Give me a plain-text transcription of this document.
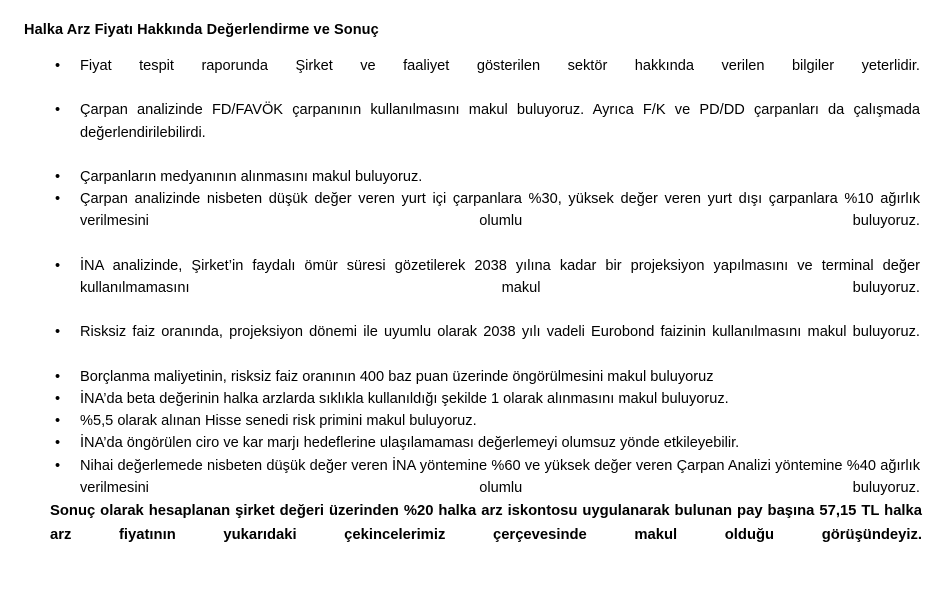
Halka Arz Fiyatı Hakkında Değerlendirme ve Sonuç
•	Fiyat tespit raporunda Şirket ve faaliyet gösterilen sektör hakkında verilen bilgiler yeterlidir.
•	Çarpan analizinde FD/FAVÖK çarpanının kullanılmasını makul buluyoruz. Ayrıca F/K ve PD/DD çarpanları da çalışmada değerlendirilebilirdi.
•	Çarpanların medyanının alınmasını makul buluyoruz.
•	Çarpan analizinde nisbeten düşük değer veren yurt içi çarpanlara %30, yüksek değer veren yurt dışı çarpanlara %10 ağırlık verilmesini olumlu buluyoruz.
•	İNA analizinde, Şirket’in faydalı ömür süresi gözetilerek 2038 yılına kadar bir projeksiyon yapılmasını ve terminal değer kullanılmamasını makul buluyoruz.
•	Risksiz faiz oranında, projeksiyon dönemi ile uyumlu olarak 2038 yılı vadeli Eurobond faizinin kullanılmasını makul buluyoruz.
•	Borçlanma maliyetinin, risksiz faiz oranının 400 baz puan üzerinde öngörülmesini makul buluyoruz
•	İNA’da beta değerinin halka arzlarda sıklıkla kullanıldığı şekilde 1 olarak alınmasını makul buluyoruz.
•	%5,5 olarak alınan Hisse senedi risk primini makul buluyoruz.
•	İNA’da öngörülen ciro ve kar marjı hedeflerine ulaşılamaması değerlemeyi olumsuz yönde etkileyebilir.
•	Nihai değerlemede nisbeten düşük değer veren İNA yöntemine %60 ve yüksek değer veren Çarpan Analizi yöntemine %40 ağırlık verilmesini olumlu buluyoruz.

Sonuç olarak hesaplanan şirket değeri üzerinden %20 halka arz iskontosu uygulanarak bulunan pay başına 57,15 TL halka arz fiyatının yukarıdaki çekincelerimiz çerçevesinde makul olduğu görüşündeyiz.
